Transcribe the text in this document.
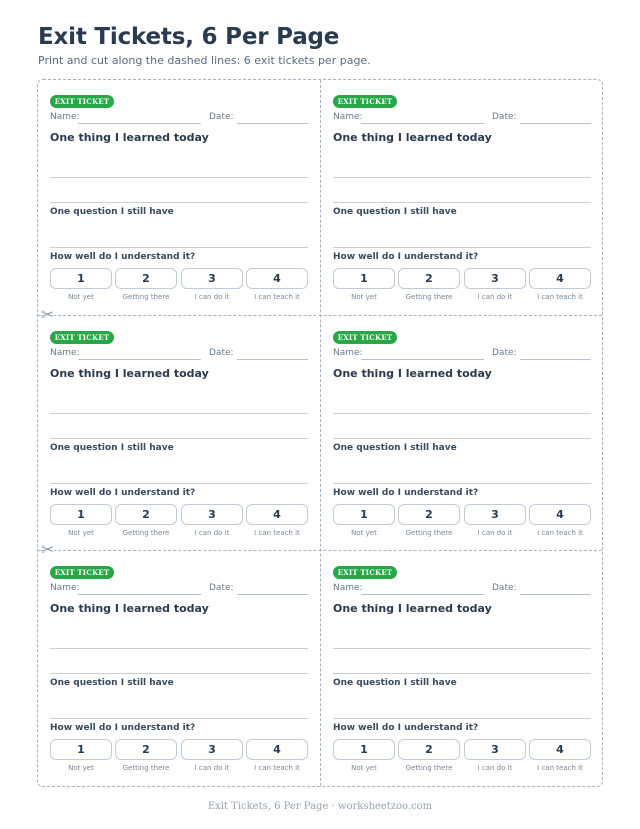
Exit Tickets, 6 Per Page
Print and cut along the dashed lines: 6 exit tickets per page.
✂
✂
EXIT TICKET
Name:	Date:
One thing I learned today
One question I still have
How well do I understand it?
1
Not yet
2
Getting there
3
I can do it
4
I can teach it
EXIT TICKET
Name:	Date:
One thing I learned today
One question I still have
How well do I understand it?
1
Not yet
2
Getting there
3
I can do it
4
I can teach it
EXIT TICKET
Name:	Date:
One thing I learned today
One question I still have
How well do I understand it?
1
Not yet
2
Getting there
3
I can do it
4
I can teach it
EXIT TICKET
Name:	Date:
One thing I learned today
One question I still have
How well do I understand it?
1
Not yet
2
Getting there
3
I can do it
4
I can teach it
EXIT TICKET
Name:	Date:
One thing I learned today
One question I still have
How well do I understand it?
1
Not yet
2
Getting there
3
I can do it
4
I can teach it
EXIT TICKET
Name:	Date:
One thing I learned today
One question I still have
How well do I understand it?
1
Not yet
2
Getting there
3
I can do it
4
I can teach it
Exit Tickets, 6 Per Page · worksheetzoo.com
